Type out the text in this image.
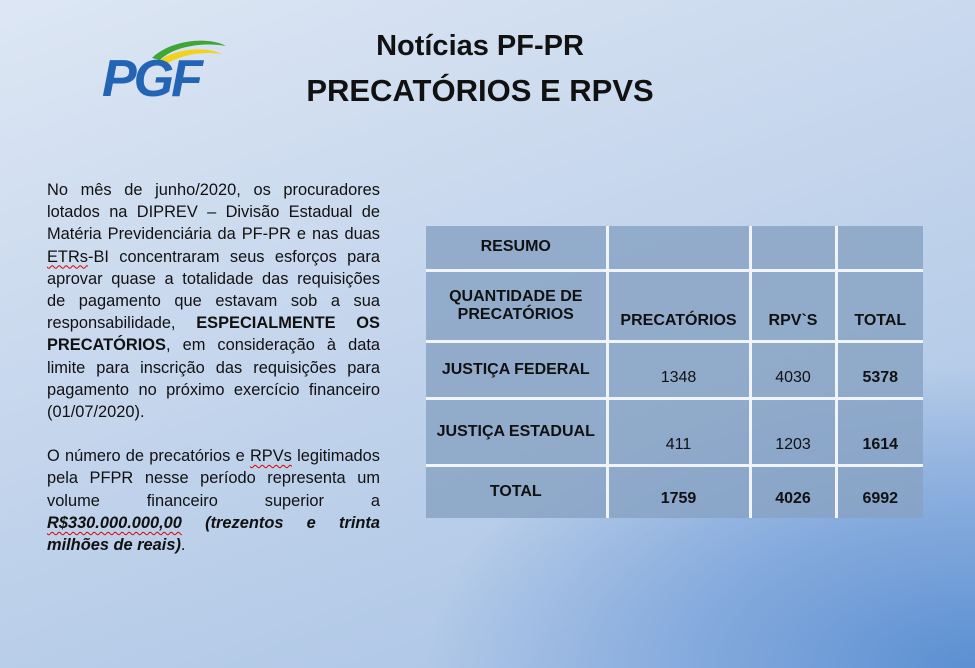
PGF
Notícias PF-PR
PRECATÓRIOS E RPVS

No mês de junho/2020, os procuradores lotados na DIPREV – Divisão Estadual de Matéria Previdenciária da PF-PR e nas duas ETRs-BI concentraram seus esforços para aprovar quase a totalidade das requisições de pagamento que estavam sob a sua responsabilidade, ESPECIALMENTE OS PRECATÓRIOS, em consideração à data limite para inscrição das requisições para pagamento no próximo exercício financeiro (01/07/2020).

O número de precatórios e RPVs legitimados pela PFPR nesse período representa um volume financeiro superior a R$330.000.000,00 (trezentos e trinta milhões de reais).

RESUMO			
QUANTIDADE DE PRECATÓRIOS	PRECATÓRIOS	RPV`S	TOTAL
JUSTIÇA FEDERAL	1348	4030	5378
JUSTIÇA ESTADUAL	411	1203	1614
TOTAL	1759	4026	6992
